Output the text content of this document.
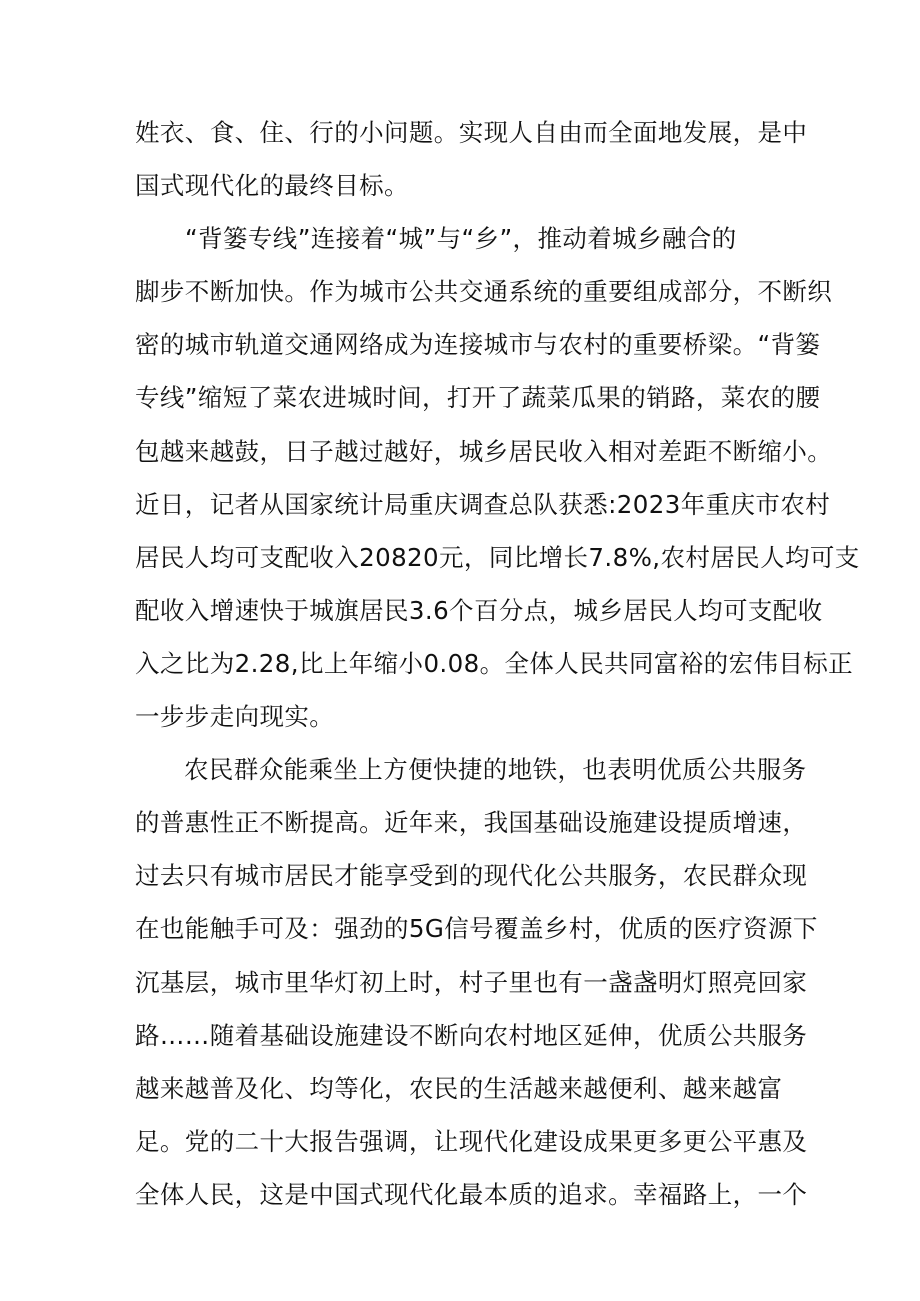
姓衣、食、住、行的小问题。实现人自由而全面地发展，是中
国式现代化的最终目标。
“背篓专线”连接着“城”与“乡”，推动着城乡融合的
脚步不断加快。作为城市公共交通系统的重要组成部分，不断织
密的城市轨道交通网络成为连接城市与农村的重要桥梁。“背篓
专线”缩短了菜农进城时间，打开了蔬菜瓜果的销路，菜农的腰
包越来越鼓，日子越过越好，城乡居民收入相对差距不断缩小。
近日，记者从国家统计局重庆调查总队获悉:2023年重庆市农村
居民人均可支配收入20820元，同比增长7.8%,农村居民人均可支
配收入增速快于城旗居民3.6个百分点，城乡居民人均可支配收
入之比为2.28,比上年缩小0.08。全体人民共同富裕的宏伟目标正
一步步走向现实。
农民群众能乘坐上方便快捷的地铁，也表明优质公共服务
的普惠性正不断提高。近年来，我国基础设施建设提质增速，
过去只有城市居民才能享受到的现代化公共服务，农民群众现
在也能触手可及：强劲的5G信号覆盖乡村，优质的医疗资源下
沉基层，城市里华灯初上时，村子里也有一盏盏明灯照亮回家
路……随着基础设施建设不断向农村地区延伸，优质公共服务
越来越普及化、均等化，农民的生活越来越便利、越来越富
足。党的二十大报告强调，让现代化建设成果更多更公平惠及
全体人民，这是中国式现代化最本质的追求。幸福路上，一个
